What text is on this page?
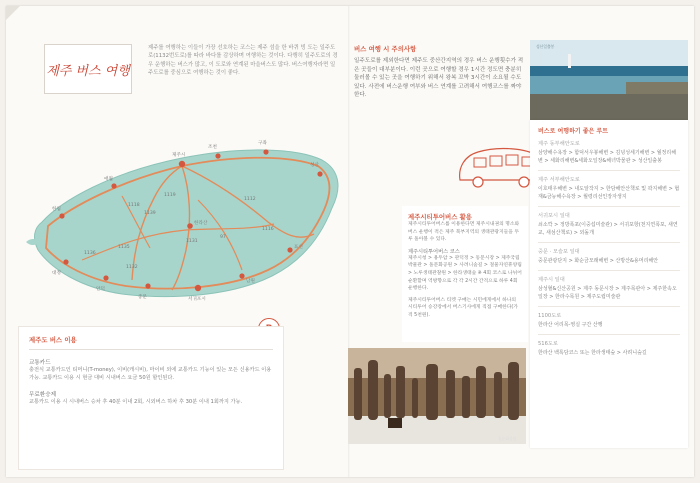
제주 버스 여행
제주를 여행하는 이들이 가장 선호하는 코스는 제주 섬을 한 바퀴 빙 도는 일주도로(1132번도로)를 따라 바다를 감상하며 여행하는 것이다. 다행히 일주도로의 경우 운행하는 버스가 많고, 이 도로와 연계된 마을버스도 많다. 버스여행자라면 일주도로를 중심으로 여행하는 것이 좋다.
제주시
조천
구좌
성산
표선
남원
서귀포시
중문
안덕
대정
한림
애월
한라산
1132
1131
1139
1135
1136
1118
1112
1119
1116
97
제주도 버스 이용
교통카드
충전식 교통카드인 티머니(T-money), 이비(캐시비), 마이비 외에 교통카드 기능이 있는 모든 신용카드 이용 가능. 교통카드 이용 시 현금 대비 시내버스 요금 50원 할인된다.
무료환승제
교통카드 이용 시 시내버스 승차 후 40분 이내 2회, 시외버스 하차 후 30분 이내 1회까지 가능.
버스 여행 시 주의사항
일주도로를 제외한다면 제주도 중산간지역의 경우 버스 운행횟수가 적은 곳들이 대부분이다. 이런 곳으로 여행할 경우 1시간 정도면 충분히 둘러볼 수 있는 곳을 여행하기 위해서 왕복 꼬박 3시간이 소요될 수도 있다. 사전에 버스운행 여부와 버스 연계를 고려해서 여행코스를 짜야 한다.
제주시티투어버스 활용
제주시티투어버스를 이용한다면 제주시내권의 명소와 버스 운행이 적은 제주 북부지역의 생태관광지들을 두루 돌아볼 수 있다.
제주시티투어버스 코스
제주시청 > 용두암 > 관덕정 > 동문시장 > 제주국립박물관 > 돌문화공원 > 사려니숲길 > 절물자연휴양림 > 노루생태관찰원 > 한라생태숲 ※ 4회 코스로 나뉘어 순환할며 역방향으로 각 각 2시간 간격으로 하루 4회 운행한다.
제주시티투어버스 티켓 구매는 시민에게에서 하나의 시티투어 승강장에서 버스기사에게 직접 구매한다(가격 5천원).
돌문화공원
성산일출봉
버스로 여행하기 좋은 루트
제주 동부해안도로
삼양해수욕장 > 함덕서우봉해변 > 김녕성세기해변 > 월정리해변 > 세화리해변&세화오일장&해녀박물관 > 성산일출봉
제주 서부해안도로
이호태우해변 > 내도알작지 > 한담해안산책로 및 곽지해변 > 협재&금능해수욕장 > 월령리선인장자생지
서귀포시 일대
쇠소깍 > 정방폭포(이중섭미술관) > 서귀포항(천지연폭포, 새연교, 새섬산책로) > 외돌개
중문 · 모슬포 일대
중문관광단지 > 화순금모래해변 > 산방산&용머리해안
제주시 일대
삼성혈&신산공원 > 제주 동문시장 > 제주목관아 > 제주한속오일장 > 한라수목원 > 제주도립미술관
1100도로
한라산 어리목-영실 구간 산행
516도로
한라산 백록담코스 또는 한라생태숲 > 사려니숲길
